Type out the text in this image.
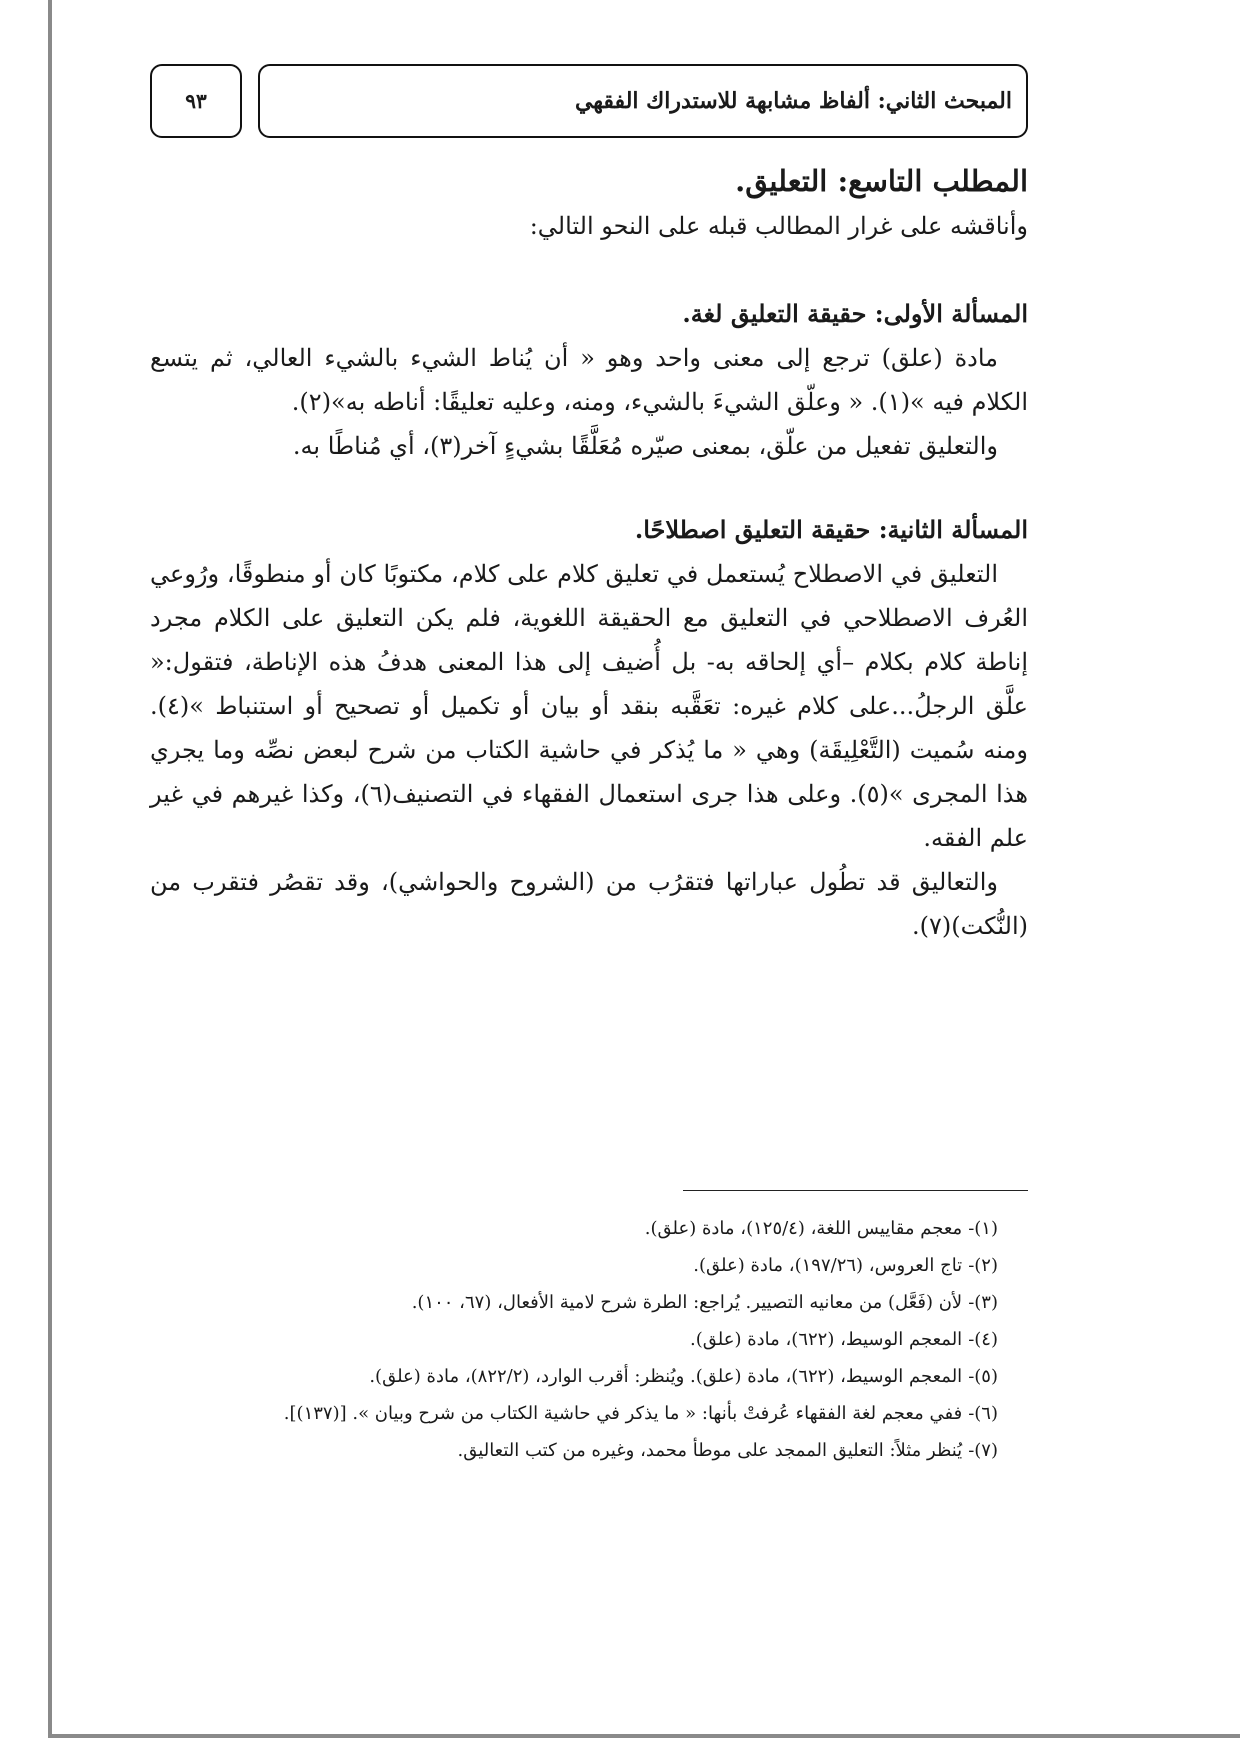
المبحث الثاني: ألفاظ مشابهة للاستدراك الفقهي
٩٣

المطلب التاسع: التعليق.

وأناقشه على غرار المطالب قبله على النحو التالي:

المسألة الأولى: حقيقة التعليق لغة.

مادة (علق) ترجع إلى معنى واحد وهو « أن يُناط الشيء بالشيء العالي، ثم يتسع الكلام فيه »(١). « وعلّق الشيءَ بالشيء، ومنه، وعليه تعليقًا: أناطه به»(٢).

والتعليق تفعيل من علّق، بمعنى صيّره مُعَلَّقًا بشيءٍ آخر(٣)، أي مُناطًا به.

المسألة الثانية: حقيقة التعليق اصطلاحًا.

التعليق في الاصطلاح يُستعمل في تعليق كلام على كلام، مكتوبًا كان أو منطوقًا، ورُوعي العُرف الاصطلاحي في التعليق مع الحقيقة اللغوية، فلم يكن التعليق على الكلام مجرد إناطة كلام بكلام –أي إلحاقه به- بل أُضيف إلى هذا المعنى هدفُ هذه الإناطة، فتقول:« علَّق الرجلُ...على كلام غيره: تعَقَّبه بنقد أو بيان أو تكميل أو تصحيح أو استنباط »(٤). ومنه سُميت (التَّعْلِيقَة) وهي « ما يُذكر في حاشية الكتاب من شرح لبعض نصِّه وما يجري هذا المجرى »(٥). وعلى هذا جرى استعمال الفقهاء في التصنيف(٦)، وكذا غيرهم في غير علم الفقه.

والتعاليق قد تطُول عباراتها فتقرُب من (الشروح والحواشي)، وقد تقصُر فتقرب من (النُّكت)(٧).

(١)-معجم مقاييس اللغة، (١٢٥/٤)، مادة (علق).

(٢)-تاج العروس، (١٩٧/٢٦)، مادة (علق).

(٣)-لأن (فَعَّل) من معانيه التصيير. يُراجع: الطرة شرح لامية الأفعال، (٦٧، ١٠٠).

(٤)-المعجم الوسيط، (٦٢٢)، مادة (علق).

(٥)-المعجم الوسيط، (٦٢٢)، مادة (علق). ويُنظر: أقرب الوارد، (٨٢٢/٢)، مادة (علق).

(٦)-ففي معجم لغة الفقهاء عُرفتْ بأنها: « ما يذكر في حاشية الكتاب من شرح وبيان ». [(١٣٧)].

(٧)-يُنظر مثلاً: التعليق الممجد على موطأ محمد، وغيره من كتب التعاليق.
